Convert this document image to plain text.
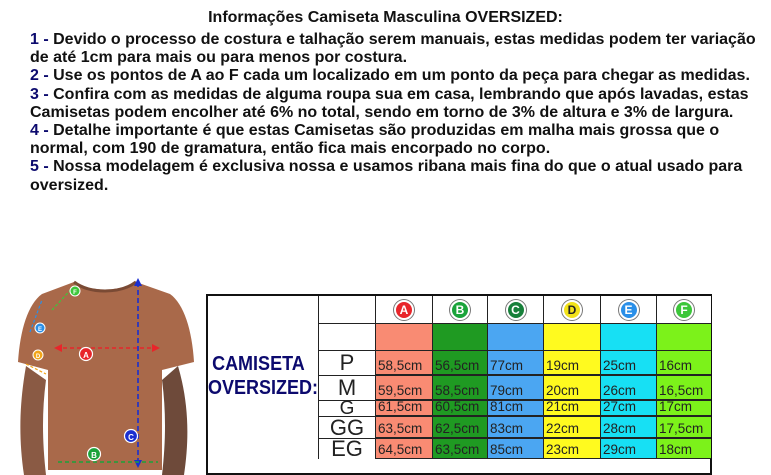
Informações Camiseta Masculina OVERSIZED:

1 - Devido o processo de costura e talhação serem manuais, estas medidas podem ter variação de até 1cm para mais ou para menos por costura.

2 - Use os pontos de A ao F cada um localizado em um ponto da peça para chegar as medidas.

3 - Confira com as medidas de alguma roupa sua em casa, lembrando que após lavadas, estas Camisetas podem encolher até 6% no total, sendo em torno de 3% de altura e 3% de largura.

4 - Detalhe importante é que estas Camisetas são produzidas em malha mais grossa que o normal, com 190 de gramatura, então fica mais encorpado no corpo.

5 - Nossa modelagem é exclusiva nossa e usamos ribana mais fina do que o atual usado para oversized.

A
B
C
D
E
F
CAMISETA
OVERSIZED:
A	B	C	D	E	F
P	58,5cm 56,5cm 77cm	19cm	25cm	16cm
M	59,5cm 58,5cm 79cm	20cm	26cm	16,5cm
G	61,5cm 60,5cm 81cm	21cm	27cm	17cm
GG	63,5cm 62,5cm 83cm	22cm	28cm	17,5cm
EG	64,5cm 63,5cm 85cm	23cm	29cm	18cm
